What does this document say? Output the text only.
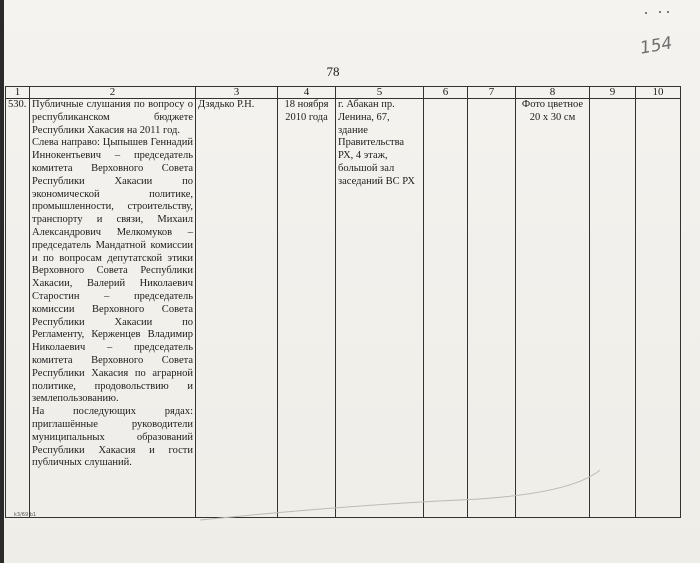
154
78
1	2	3	4	5	6	7	8	9	10
530.	Публичные слушания по вопросу о республиканском бюджете Республики Хакасия на 2011 год.

Слева направо: Цыпышев Геннадий Иннокентьевич – председатель комитета Верховного Совета Республики Хакасии по экономической политике, промышленности, строительству, транспорту и связи, Михаил Александрович Мелкомуков – председатель Мандатной комиссии и по вопросам депутатской этики Верховного Совета Республики Хакасии, Валерий Николаевич Старостин – председатель комиссии Верховного Совета Республики Хакасии по Регламенту, Керженцев Владимир Николаевич – председатель комитета Верховного Совета Республики Хакасия по аграрной политике, продовольствию и землепользованию.

На последующих рядах: приглашённые руководители муниципальных образований Республики Хакасия и гости публичных слушаний.	Дзядько Р.Н.	18 ноября 2010 года	г. Абакан пр. Ленина, 67, здание Правительства РХ, 4 этаж, большой зал заседаний ВС РХ			Фото цветное 20 х 30 см		
k3/69 b1
